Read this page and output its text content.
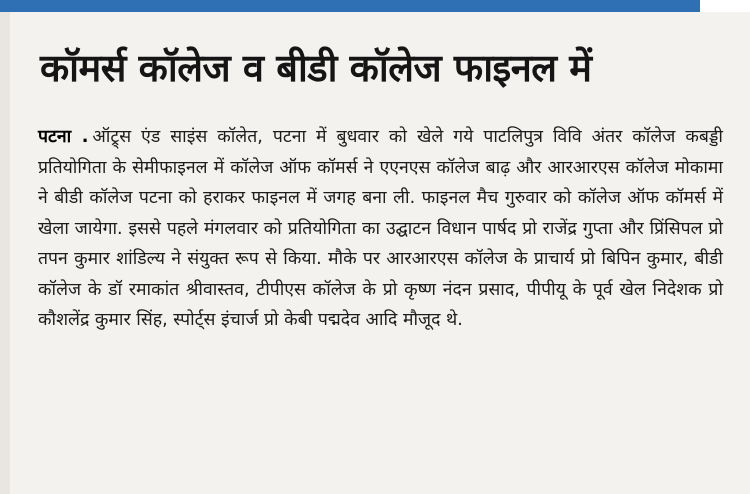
कॉमर्स कॉलेज व बीडी कॉलेज फाइनल में

पटना . ऑट्र्स एंड साइंस कॉलेत, पटना में बुधवार को खेले गये पाटलिपुत्र विवि अंतर कॉलेज कबड्डी प्रतियोगिता के सेमीफाइनल में कॉलेज ऑफ कॉमर्स ने एएनएस कॉलेज बाढ़ और आरआरएस कॉलेज मोकामा ने बीडी कॉलेज पटना को हराकर फाइनल में जगह बना ली. फाइनल मैच गुरुवार को कॉलेज ऑफ कॉमर्स में खेला जायेगा. इससे पहले मंगलवार को प्रतियोगिता का उद्घाटन विधान पार्षद प्रो राजेंद्र गुप्ता और प्रिंसिपल प्रो तपन कुमार शांडिल्य ने संयुक्त रूप से किया. मौके पर आरआरएस कॉलेज के प्राचार्य प्रो बिपिन कुमार, बीडी कॉलेज के डॉ रमाकांत श्रीवास्तव, टीपीएस कॉलेज के प्रो कृष्ण नंदन प्रसाद, पीपीयू के पूर्व खेल निदेशक प्रो कौशलेंद्र कुमार सिंह, स्पोर्ट्स इंचार्ज प्रो केबी पद्मदेव आदि मौजूद थे.
